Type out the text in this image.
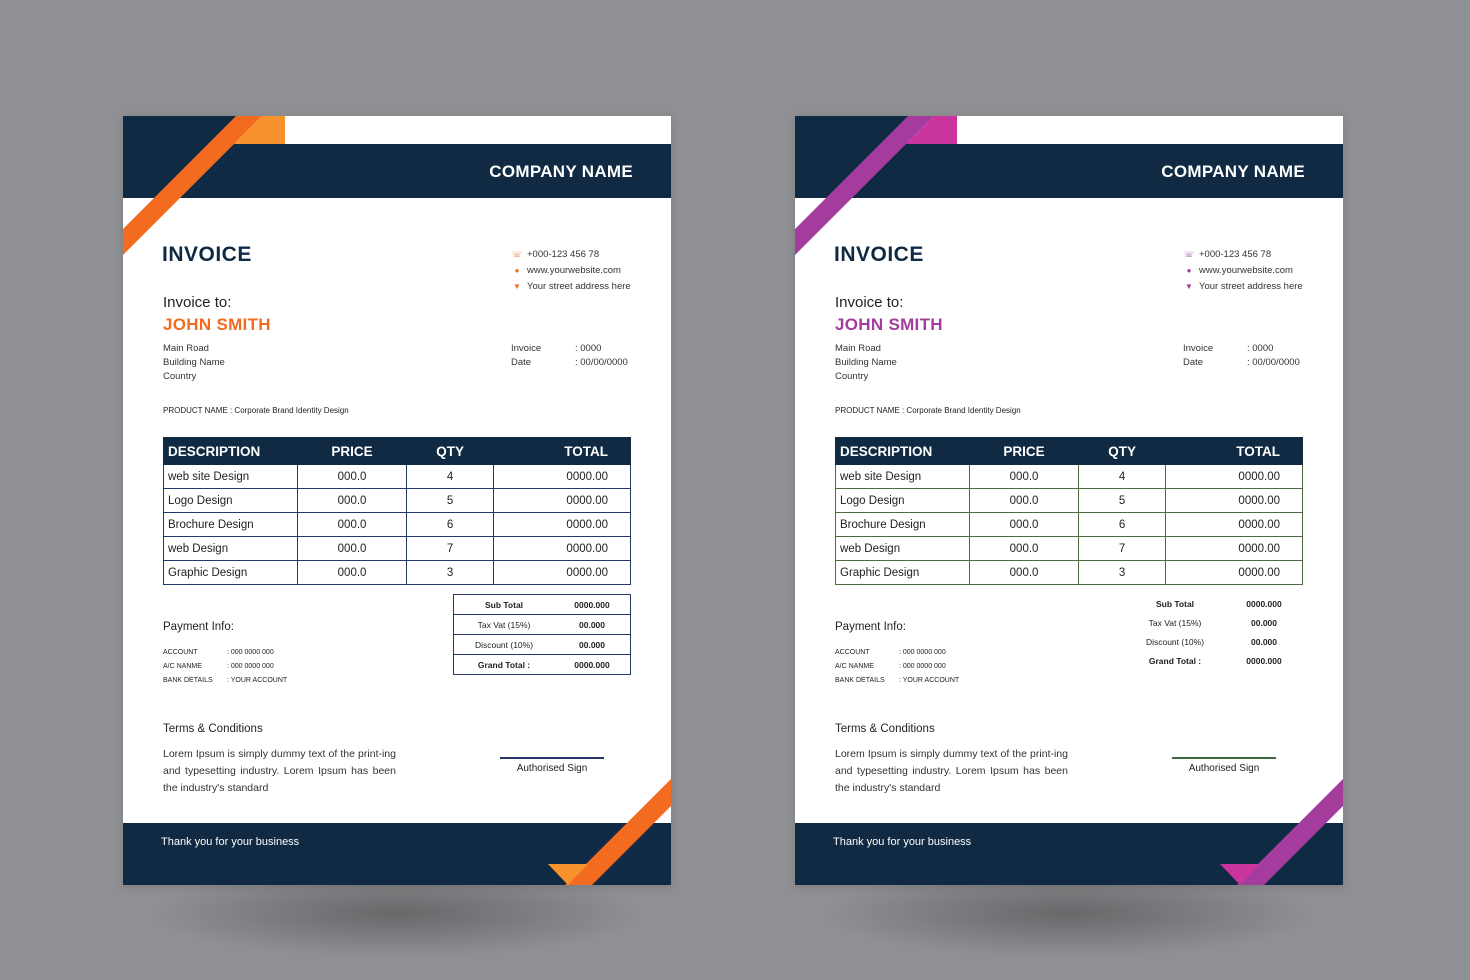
COMPANY NAME
INVOICE	☏ +000-123 456 78
● www.yourwebsite.com
▼ Your street address here
Invoice to:
JOHN SMITH
Main Road
Building Name
Country
Invoice	: 0000
Date	: 00/00/0000
PRODUCT NAME : Corporate Brand Identity Design
DESCRIPTION	PRICE	QTY	TOTAL
web site Design	000.0	4	0000.00
Logo Design	000.0	5	0000.00
Brochure Design	000.0	6	0000.00
web Design	000.0	7	0000.00
Graphic Design	000.0	3	0000.00
Payment Info:
ACCOUNT	: 000 0000 000
A/C NANME	: 000 0000 000
BANK DETAILS	: YOUR ACCOUNT
Sub Total	0000.000
Tax Vat (15%)	00.000
Discount (10%)	00.000
Grand Total :	0000.000
Terms & Conditions
Lorem Ipsum is simply dummy text of the print-ing and typesetting industry. Lorem Ipsum has been the industry's standard
Authorised Sign
Thank you for your business
COMPANY NAME
INVOICE	☏ +000-123 456 78
● www.yourwebsite.com
▼ Your street address here
Invoice to:
JOHN SMITH
Main Road
Building Name
Country
Invoice	: 0000
Date	: 00/00/0000
PRODUCT NAME : Corporate Brand Identity Design
DESCRIPTION	PRICE	QTY	TOTAL
web site Design	000.0	4	0000.00
Logo Design	000.0	5	0000.00
Brochure Design	000.0	6	0000.00
web Design	000.0	7	0000.00
Graphic Design	000.0	3	0000.00
Payment Info:
ACCOUNT	: 000 0000 000
A/C NANME	: 000 0000 000
BANK DETAILS	: YOUR ACCOUNT
Sub Total	0000.000
Tax Vat (15%)	00.000
Discount (10%)	00.000
Grand Total :	0000.000
Terms & Conditions
Lorem Ipsum is simply dummy text of the print-ing and typesetting industry. Lorem Ipsum has been the industry's standard
Authorised Sign
Thank you for your business
